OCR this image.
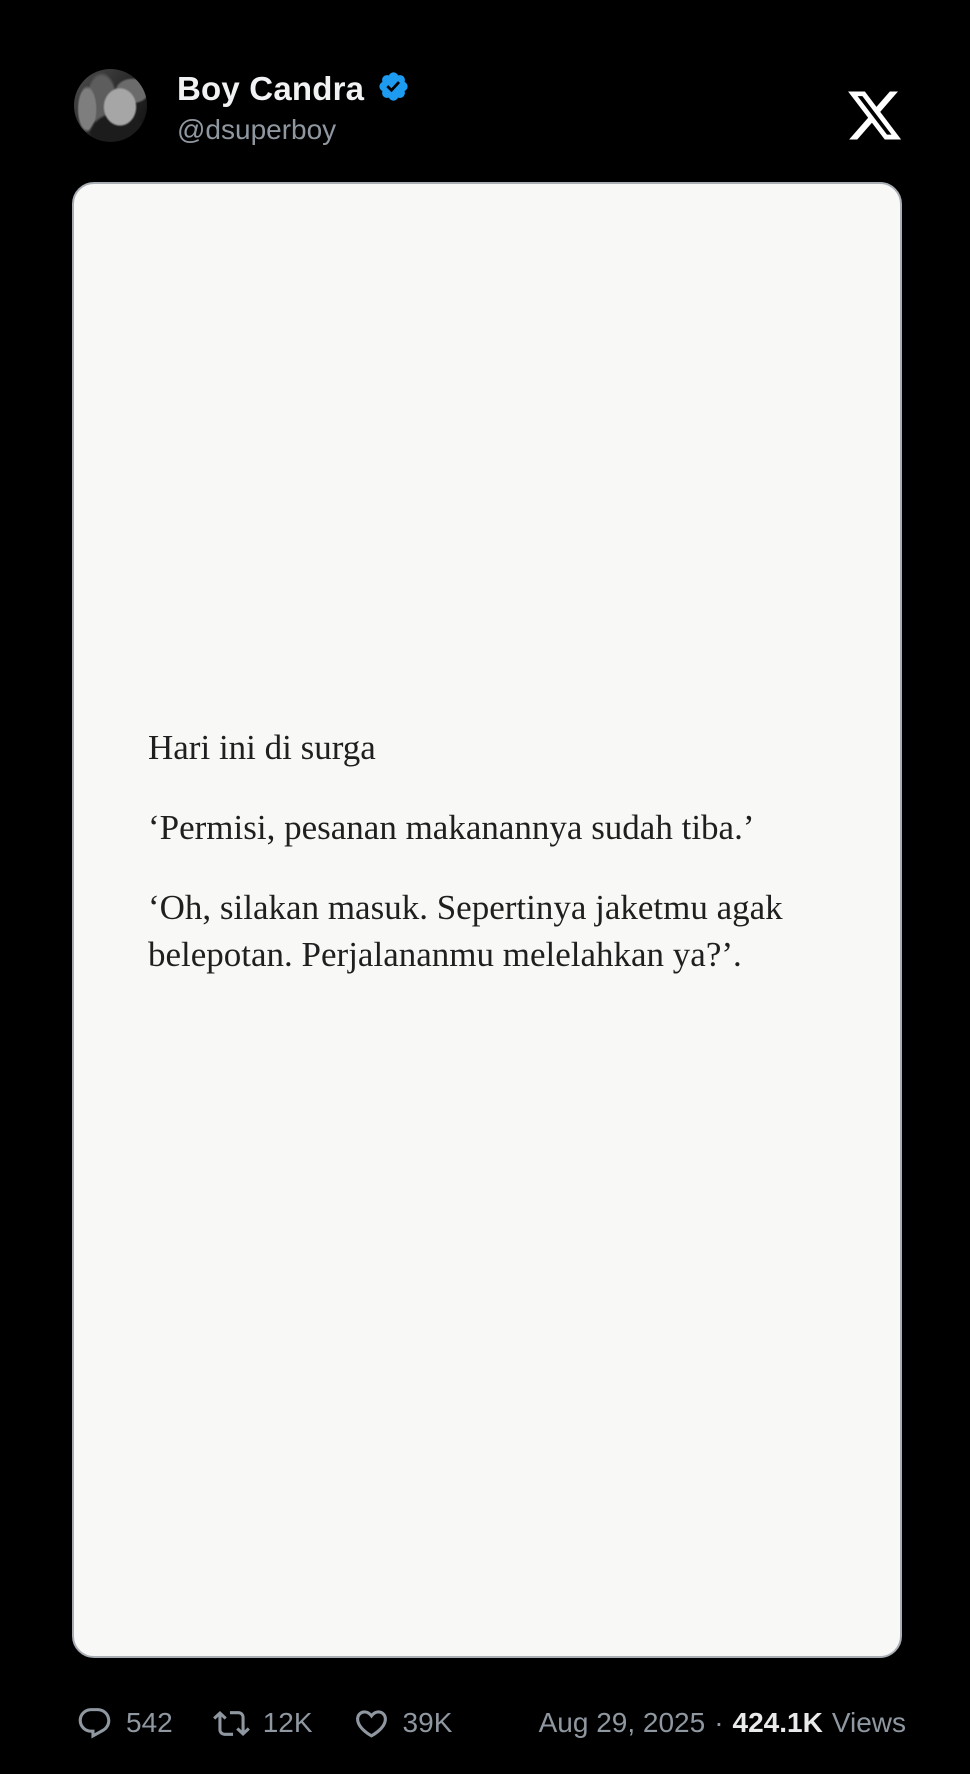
Boy Candra
@dsuperboy

Hari ini di surga

‘Permisi, pesanan makanannya sudah tiba.’

‘Oh, silakan masuk. Sepertinya jaketmu agak belepotan. Perjalananmu melelahkan ya?’.

542	12K	39K	Aug 29, 2025 · 424.1K Views
